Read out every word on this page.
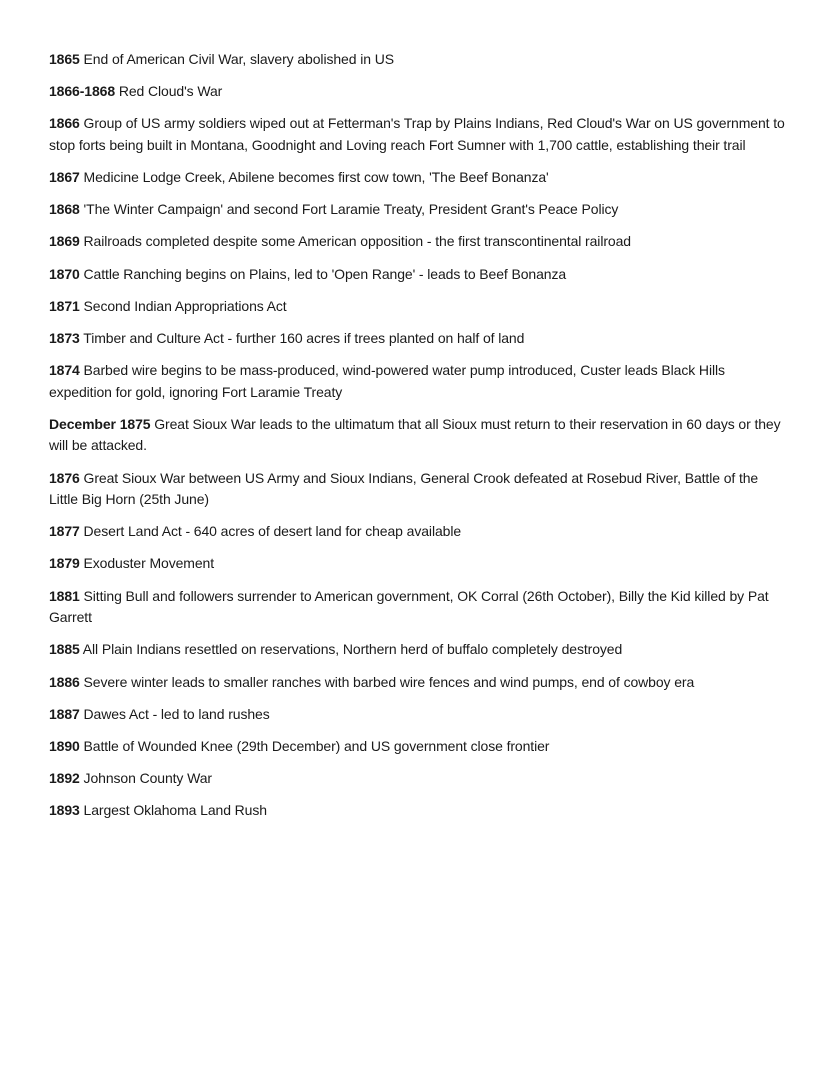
1865 End of American Civil War, slavery abolished in US

1866-1868 Red Cloud's War

1866 Group of US army soldiers wiped out at Fetterman's Trap by Plains Indians, Red Cloud's War on US government to stop forts being built in Montana, Goodnight and Loving reach Fort Sumner with 1,700 cattle, establishing their trail

1867 Medicine Lodge Creek, Abilene becomes first cow town, 'The Beef Bonanza'

1868 'The Winter Campaign' and second Fort Laramie Treaty, President Grant's Peace Policy

1869 Railroads completed despite some American opposition - the first transcontinental railroad

1870 Cattle Ranching begins on Plains, led to 'Open Range' - leads to Beef Bonanza

1871 Second Indian Appropriations Act

1873 Timber and Culture Act - further 160 acres if trees planted on half of land

1874 Barbed wire begins to be mass-produced, wind-powered water pump introduced, Custer leads Black Hills expedition for gold, ignoring Fort Laramie Treaty

December 1875 Great Sioux War leads to the ultimatum that all Sioux must return to their reservation in 60 days or they will be attacked.

1876 Great Sioux War between US Army and Sioux Indians, General Crook defeated at Rosebud River, Battle of the Little Big Horn (25th June)

1877 Desert Land Act - 640 acres of desert land for cheap available

1879 Exoduster Movement

1881 Sitting Bull and followers surrender to American government, OK Corral (26th October), Billy the Kid killed by Pat Garrett

1885 All Plain Indians resettled on reservations, Northern herd of buffalo completely destroyed

1886 Severe winter leads to smaller ranches with barbed wire fences and wind pumps, end of cowboy era

1887 Dawes Act - led to land rushes

1890 Battle of Wounded Knee (29th December) and US government close frontier

1892 Johnson County War

1893 Largest Oklahoma Land Rush
